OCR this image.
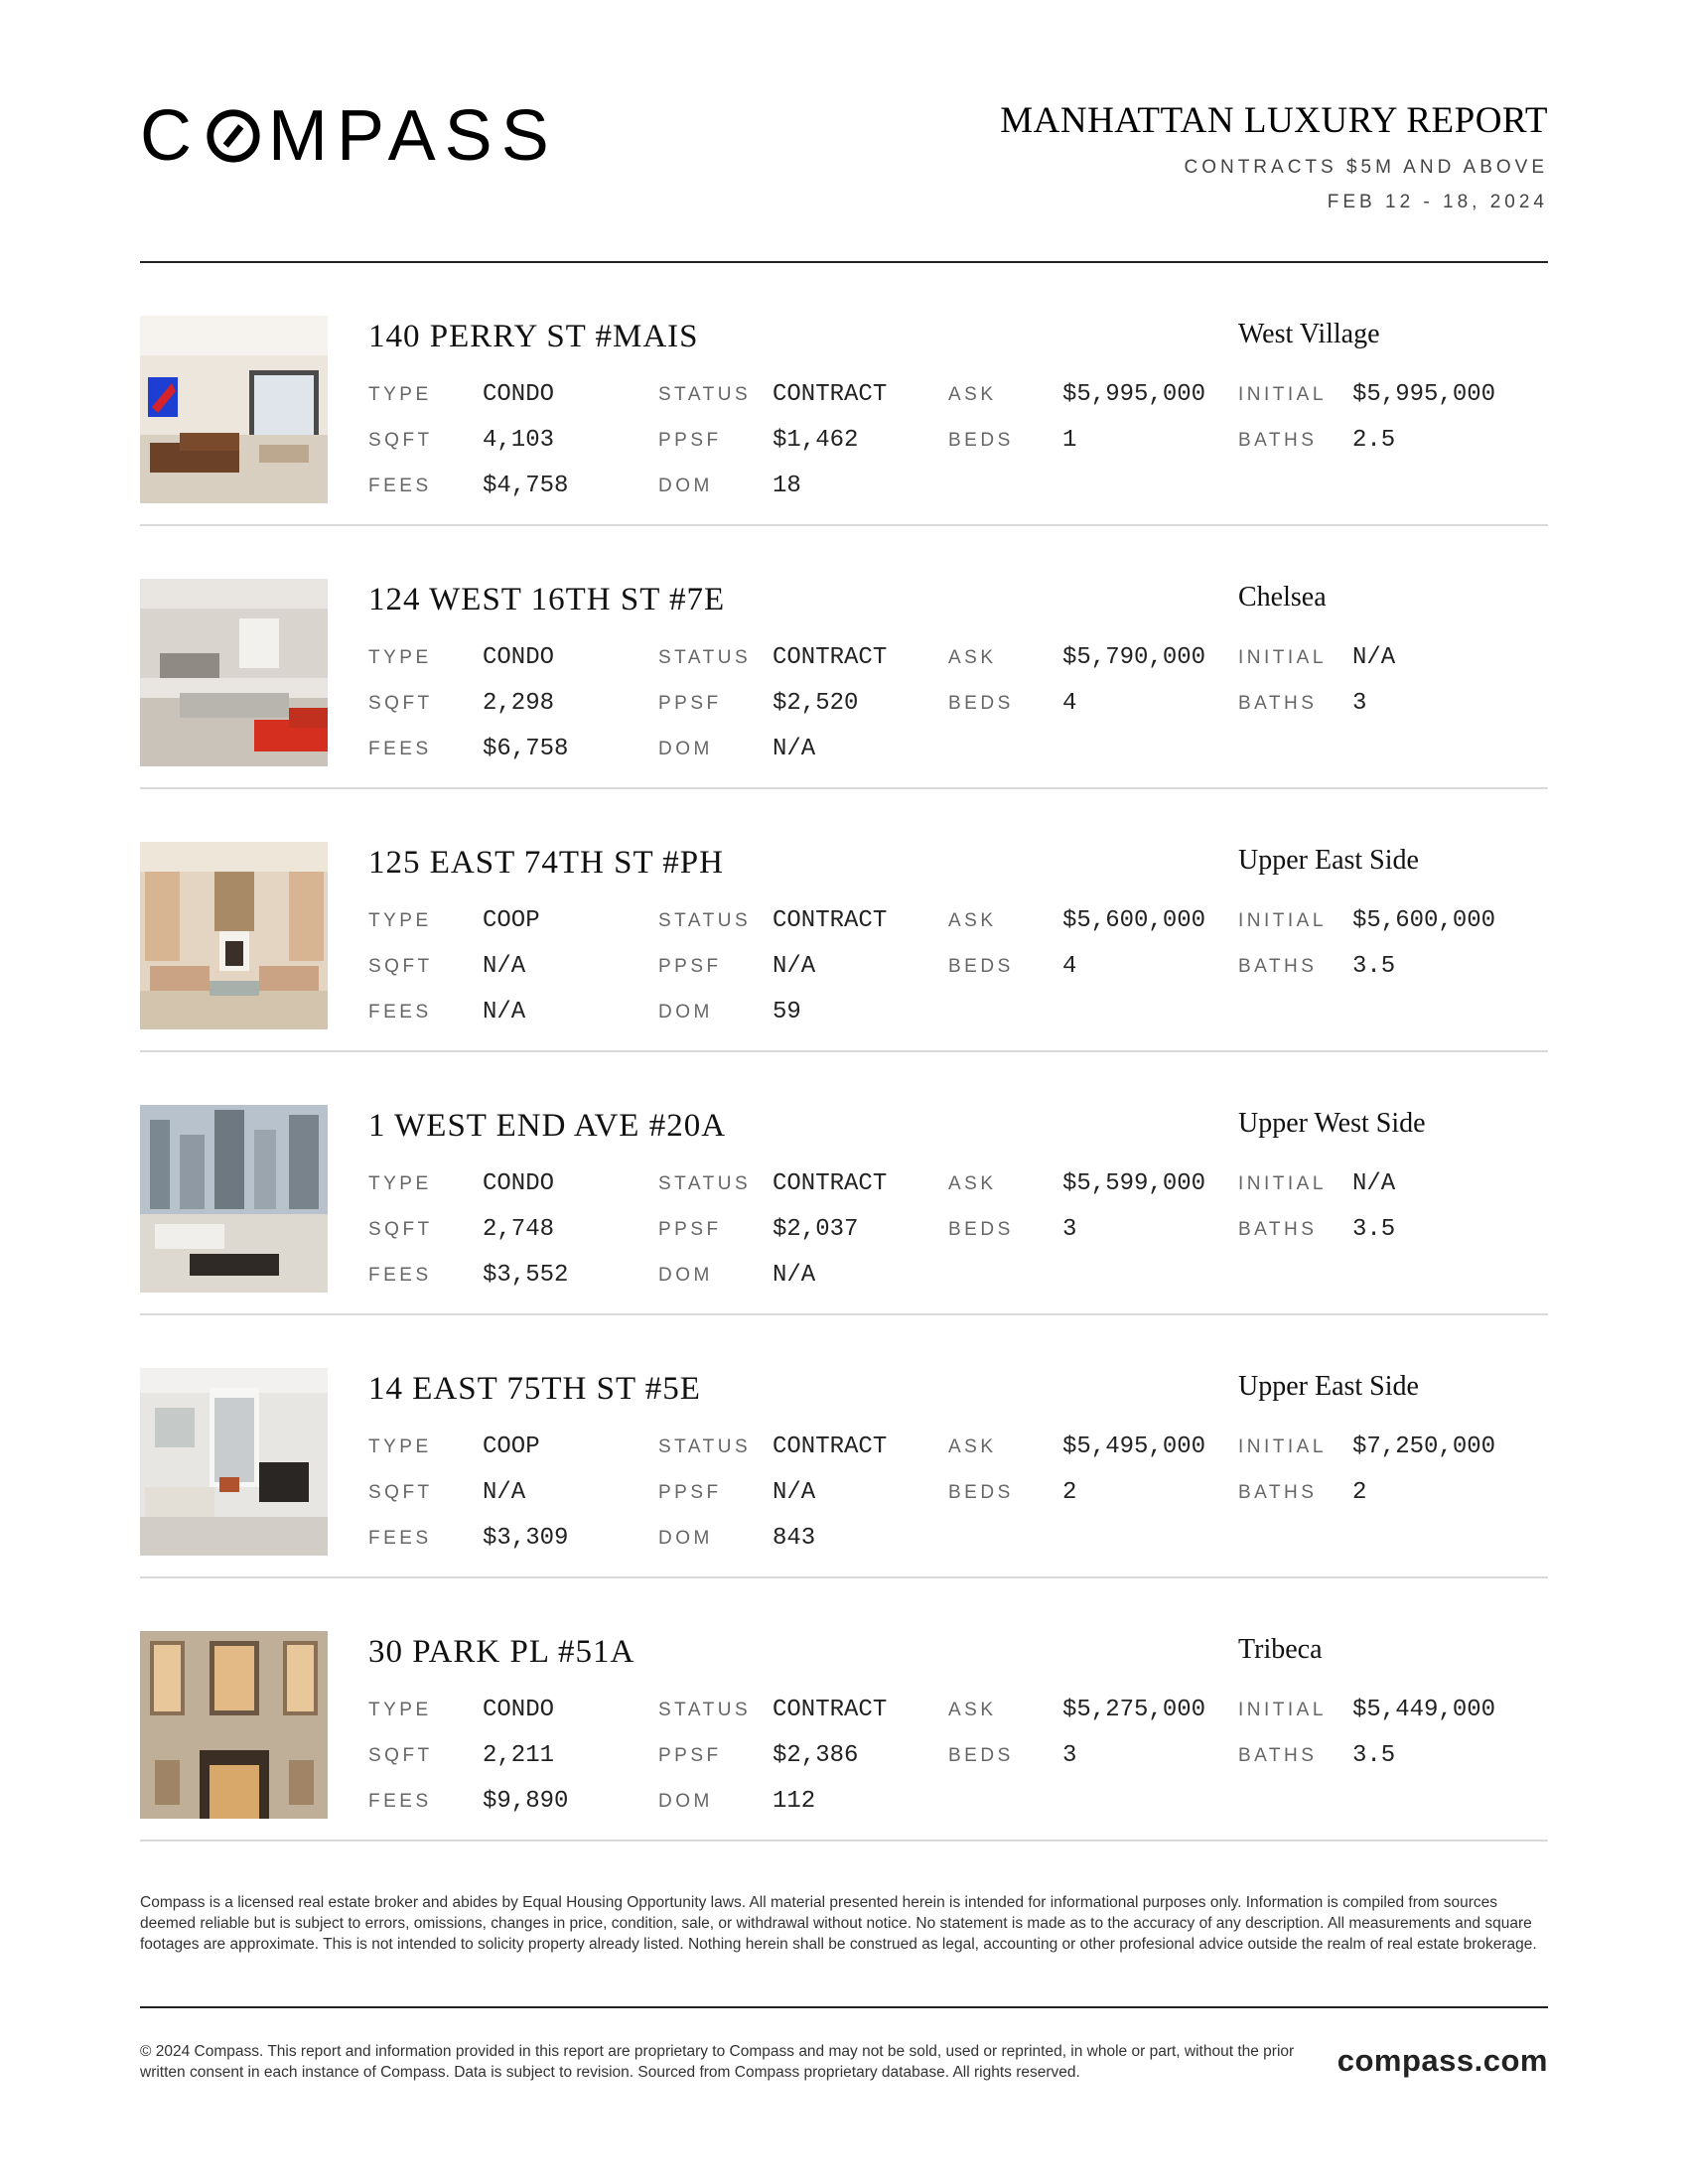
C MPASS	MANHATTAN LUXURY REPORT
CONTRACTS $5M AND ABOVE
FEB 12 - 18, 2024
140 PERRY ST #MAIS	West Village
TYPE CONDO	STATUS CONTRACT	ASK	$5,995,000 INITIAL $5,995,000
SQFT 4,103	PPSF $1,462	BEDS 1	BATHS 2.5
FEES $4,758	DOM	18
124 WEST 16TH ST #7E	Chelsea
TYPE CONDO	STATUS CONTRACT	ASK	$5,790,000 INITIAL N/A
SQFT 2,298	PPSF $2,520	BEDS 4	BATHS 3
FEES $6,758	DOM	N/A
125 EAST 74TH ST #PH	Upper East Side
TYPE COOP	STATUS CONTRACT	ASK	$5,600,000 INITIAL $5,600,000
SQFT N/A	PPSF N/A	BEDS 4	BATHS 3.5
FEES N/A	DOM	59
1 WEST END AVE #20A	Upper West Side
TYPE CONDO	STATUS CONTRACT	ASK	$5,599,000 INITIAL N/A
SQFT 2,748	PPSF $2,037	BEDS 3	BATHS 3.5
FEES $3,552	DOM	N/A
14 EAST 75TH ST #5E	Upper East Side
TYPE COOP	STATUS CONTRACT	ASK	$5,495,000 INITIAL $7,250,000
SQFT N/A	PPSF N/A	BEDS 2	BATHS 2
FEES $3,309	DOM	843
30 PARK PL #51A	Tribeca
TYPE CONDO	STATUS CONTRACT	ASK	$5,275,000 INITIAL $5,449,000
SQFT 2,211	PPSF $2,386	BEDS 3	BATHS 3.5
FEES $9,890	DOM	112
Compass is a licensed real estate broker and abides by Equal Housing Opportunity laws. All material presented herein is intended for informational purposes only. Information is compiled from sources deemed reliable but is subject to errors, omissions, changes in price, condition, sale, or withdrawal without notice. No statement is made as to the accuracy of any description. All measurements and square footages are approximate. This is not intended to solicity property already listed. Nothing herein shall be construed as legal, accounting or other profesional advice outside the realm of real estate brokerage.
© 2024 Compass. This report and information provided in this report are proprietary to Compass and may not be sold, used or reprinted, in whole or part, without the prior written consent in each instance of Compass. Data is subject to revision. Sourced from Compass proprietary database. All rights reserved.	compass.com
